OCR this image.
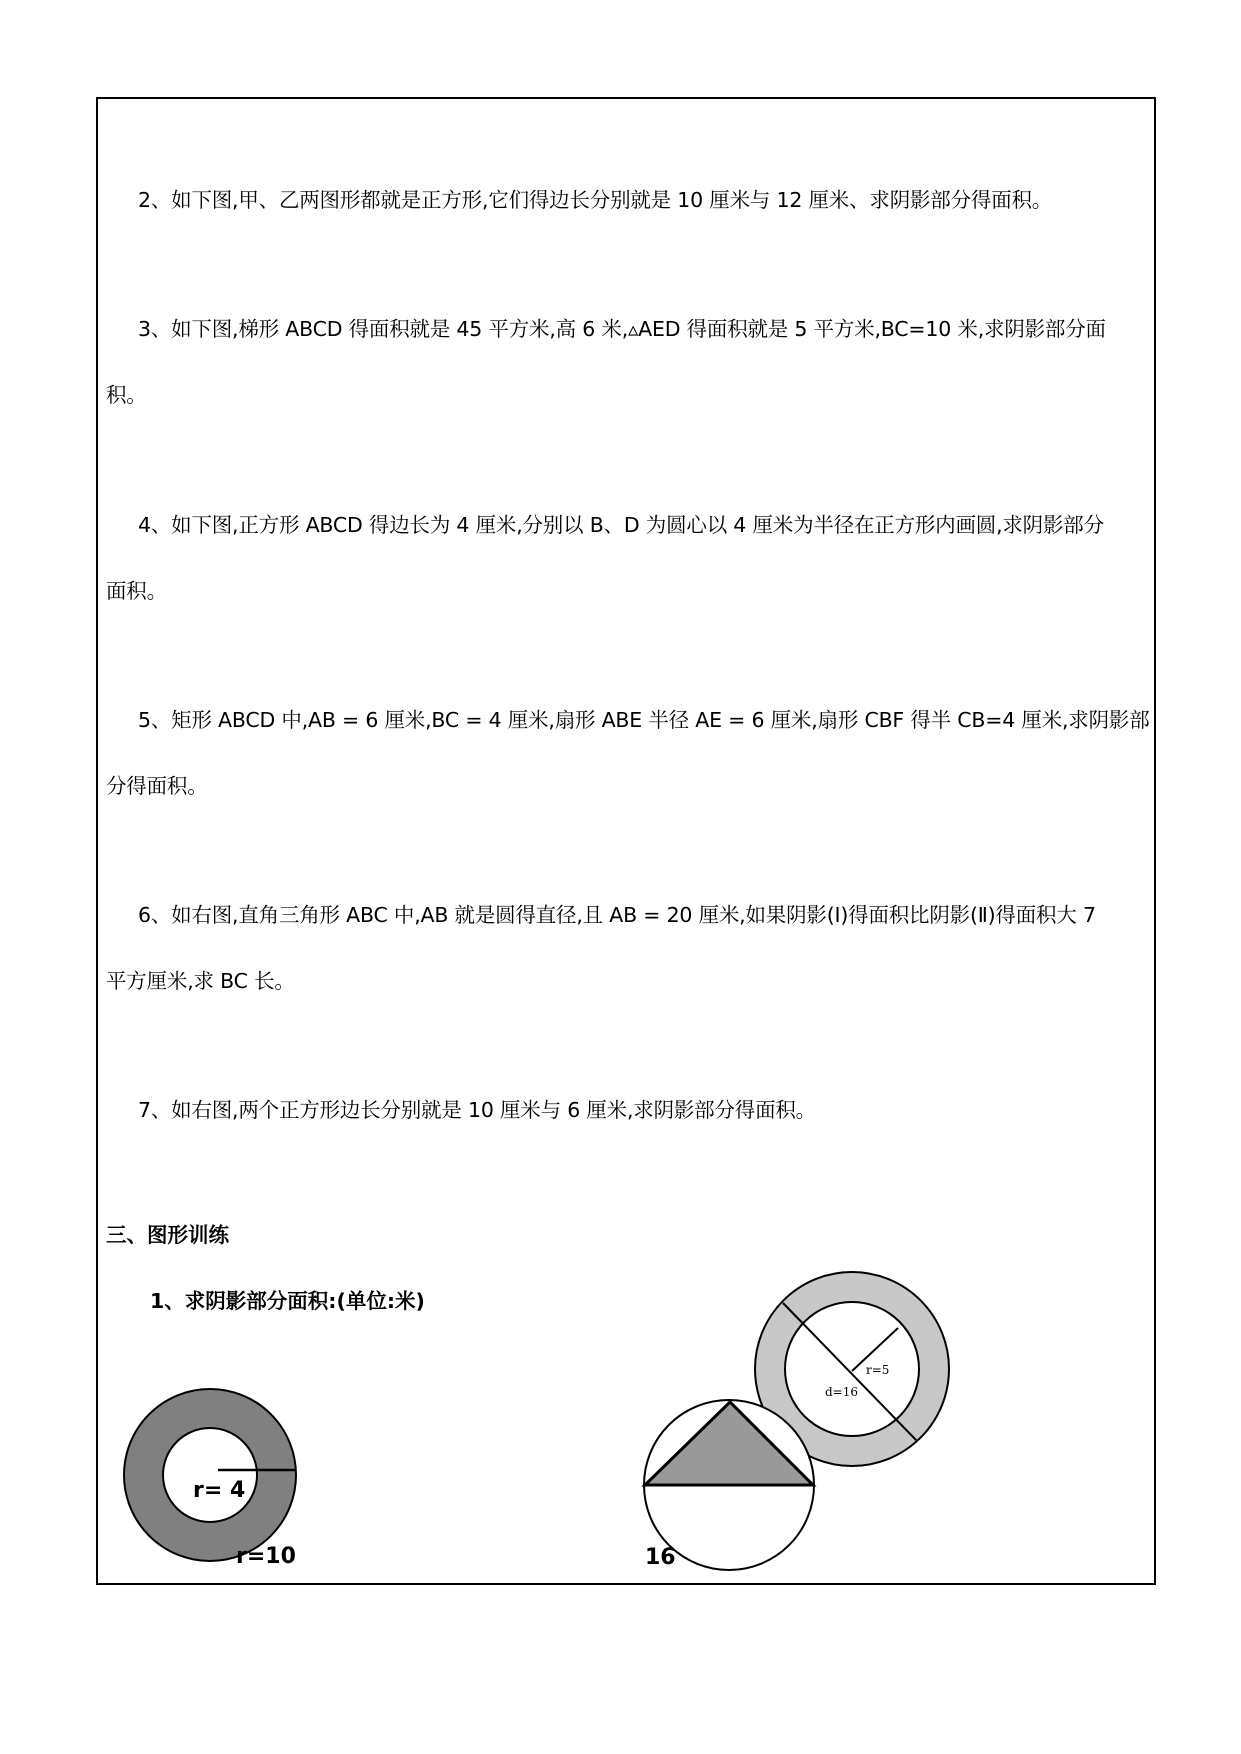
2、如下图,甲、乙两图形都就是正方形,它们得边长分别就是 10 厘米与 12 厘米、求阴影部分得面积。
3、如下图,梯形 ABCD 得面积就是 45 平方米,高 6 米,▵AED 得面积就是 5 平方米,BC=10 米,求阴影部分面
积。
4、如下图,正方形 ABCD 得边长为 4 厘米,分别以 B、D 为圆心以 4 厘米为半径在正方形内画圆,求阴影部分
面积。
5、矩形 ABCD 中,AB = 6 厘米,BC = 4 厘米,扇形 ABE 半径 AE = 6 厘米,扇形 CBF 得半 CB=4 厘米,求阴影部
分得面积。
6、如右图,直角三角形 ABC 中,AB 就是圆得直径,且 AB = 20 厘米,如果阴影(Ⅰ)得面积比阴影(Ⅱ)得面积大 7
平方厘米,求 BC 长。
7、如右图,两个正方形边长分别就是 10 厘米与 6 厘米,求阴影部分得面积。
三、图形训练
1、求阴影部分面积:(单位:米)
r= 4
r=10
r=5
d=16
16
